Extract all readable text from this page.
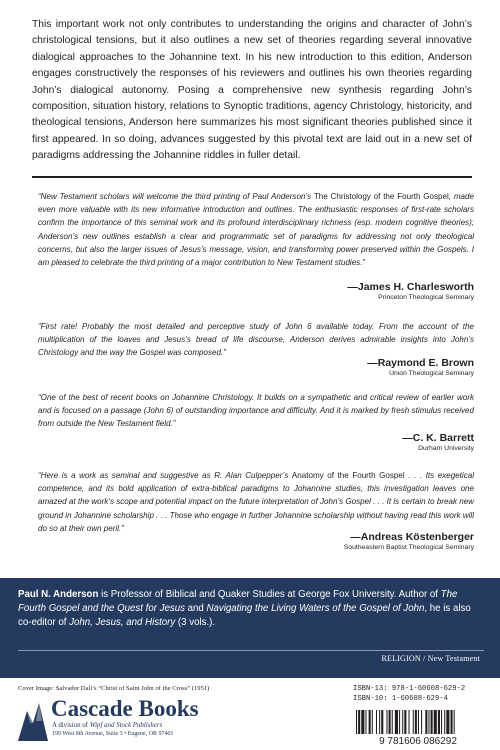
This important work not only contributes to understanding the origins and character of John’s christological tensions, but it also outlines a new set of theories regarding several innovative dialogical approaches to the Johannine text. In his new introduction to this edition, Anderson engages constructively the responses of his reviewers and outlines his own theories regarding John’s dialogical autonomy. Posing a comprehensive new synthesis regarding John’s composition, situation history, relations to Synoptic traditions, agency Christology, historicity, and theological tensions, Anderson here summarizes his most significant theories published since it first appeared. In so doing, advances suggested by this pivotal text are laid out in a new set of paradigms addressing the Johannine riddles in fuller detail.
“New Testament scholars will welcome the third printing of Paul Anderson’s The Christology of the Fourth Gospel, made even more valuable with its new informative introduction and outlines. The enthusiastic responses of first-rate scholars confirm the importance of this seminal work and its profound interdisciplinary richness (esp. modern cognitive theories); Anderson’s new outlines establish a clear and programmatic set of paradigms for addressing not only theological concerns, but also the larger issues of Jesus’s message, vision, and transforming power preserved within the Gospels. I am pleased to celebrate the third printing of a major contribution to New Testament studies.”
—James H. Charlesworth
Princeton Theological Seminary
“First rate! Probably the most detailed and perceptive study of John 6 available today. From the account of the multiplication of the loaves and Jesus’s bread of life discourse, Anderson derives admirable insights into John’s Christology and the way the Gospel was composed.”
—Raymond E. Brown
Union Theological Seminary
“One of the best of recent books on Johannine Christology. It builds on a sympathetic and critical review of earlier work and is focused on a passage (John 6) of outstanding importance and difficulty. And it is marked by fresh stimulus received from outside the New Testament field.”
—C. K. Barrett
Durham University
“Here is a work as seminal and suggestive as R. Alan Culpepper’s Anatomy of the Fourth Gospel . . . Its exegetical competence, and its bold application of extra-biblical paradigms to Johannine studies, this investigation leaves one amazed at the work’s scope and potential impact on the future interpretation of John’s Gospel . . . It is certain to break new ground in Johannine scholarship . . . Those who engage in further Johannine scholarship without having read this work will do so at their own peril.”
—Andreas Köstenberger
Southeastern Baptist Theological Seminary
Paul N. Anderson is Professor of Biblical and Quaker Studies at George Fox University. Author of The Fourth Gospel and the Quest for Jesus and Navigating the Living Waters of the Gospel of John, he is also co-editor of John, Jesus, and History (3 vols.).
RELIGION / New Testament
Cover Image: Salvador Dalí’s “Christ of Saint John of the Cross” (1951)
Cascade Books
A division of Wipf and Stock Publishers
199 West 8th Avenue, Suite 3 • Eugene, OR 97401
ISBN-13: 978-1-60608-629-2
ISBN-10: 1-60608-629-4
9 781606 086292
